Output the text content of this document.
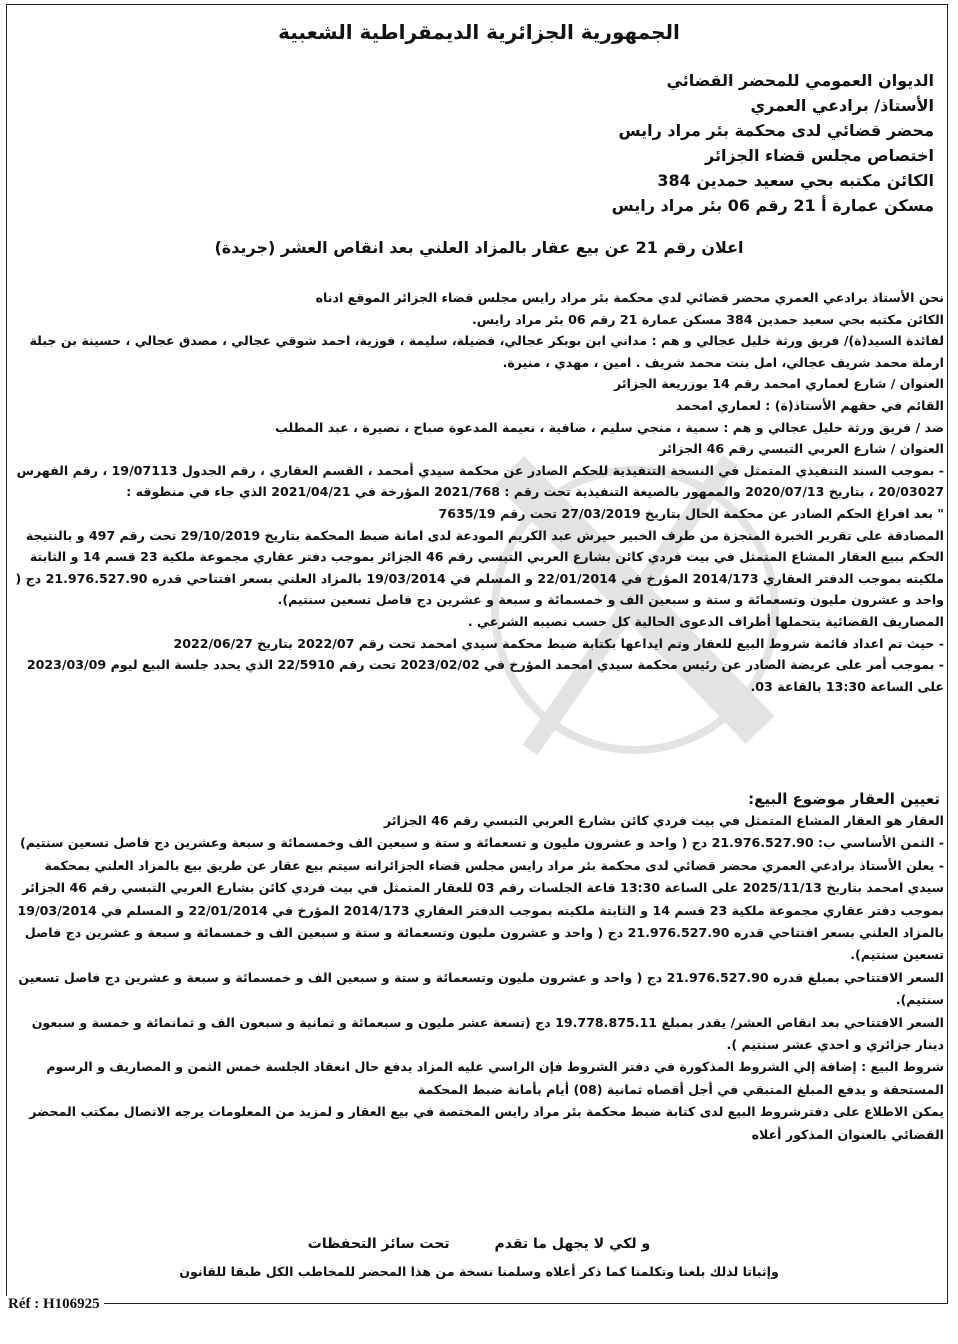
الجمهورية الجزائرية الديمقراطية الشعبية
الديوان العمومي للمحضر القضائي
الأستاذ/ برادعي العمري
محضر قضائي لدى محكمة بئر مراد رايس
اختصاص مجلس قضاء الجزائر
الكائن مكتبه بحي سعيد حمدين 384
مسكن عمارة أ 21 رقم 06 بئر مراد رايس
اعلان رقم 21 عن بيع عقار بالمزاد العلني بعد انقاص العشر (جريدة)

نحن الأستاذ برادعي العمري محضر قضائي لدي محكمة بئر مراد رايس مجلس قضاء الجزائر الموقع ادناه

الكائن مكتبه بحي سعيد حمدين 384 مسكن عمارة 21 رقم 06 بئر مراد رايس.

لفائدة السيد(ة)/ فريق ورثة خليل عجالي و هم : مداني ابن بوبكر عجالي، فضيلة، سليمة ، فوزية، احمد شوقي عجالي ، مصدق عجالي ، حسينة بن جبلة ارملة محمد شريف عجالي، امل بنت محمد شريف . امين ، مهدي ، منيرة.

العنوان / شارع لعماري امحمد رقم 14 بوزريعة الجزائر

القائم في حقهم الأستاذ(ة) : لعماري امحمد

ضد / فريق ورثة خليل عجالي و هم : سمية ، منجي سليم ، صافية ، نعيمة المدعوة صباح ، نصيرة ، عبد المطلب

العنوان / شارع العربي التبسي رقم 46 الجزائر

- بموجب السند التنفيذي المتمثل في النسخة التنفيذية للحكم الصادر عن محكمة سيدي أمحمد ، القسم العقاري ، رقم الجدول 19/07113 ، رقم الفهرس 20/03027 ، بتاريخ 2020/07/13 والممهور بالصيغة التنفيذية تحت رقم : 2021/768 المؤرخة في 2021/04/21 الذي جاء في منطوقه :

" بعد افراغ الحكم الصادر عن محكمة الحال بتاريخ 27/03/2019 تحت رقم 7635/19

المصادقة على تقرير الخبرة المنجزة من طرف الخبير حيرش عبد الكريم المودعة لدى امانة ضبط المحكمة بتاريخ 29/10/2019 تحت رقم 497 و بالنتيجة الحكم ببيع العقار المشاع المتمثل في بيت فردي كائن بشارع العربي التبسي رقم 46 الجزائر بموجب دفتر عقاري مجموعة ملكية 23 قسم 14 و الثابتة ملكيته بموجب الدفتر العقاري 2014/173 المؤرخ في 22/01/2014 و المسلم في 19/03/2014 بالمزاد العلني بسعر افتتاحي قدره 21.976.527.90 دج ( واحد و عشرون مليون وتسعمائة و ستة و سبعين الف و خمسمائة و سبعة و عشرين دج فاصل تسعين سنتيم).

المصاريف القضائية يتحملها أطراف الدعوى الحالية كل حسب نصيبه الشرعي .

- حيث تم اعداد قائمة شروط البيع للعقار وتم ايداعها بكتابة ضبط محكمة سيدي امحمد تحت رقم 2022/07 بتاريخ 2022/06/27

- بموجب أمر على عريضة الصادر عن رئيس محكمة سيدي امحمد المؤرخ في 2023/02/02 تحت رقم 22/5910 الذي يحدد جلسة البيع ليوم 2023/03/09 على الساعة 13:30 بالقاعة 03.

تعيين العقار موضوع البيع:

العقار هو العقار المشاع المتمثل في بيت فردي كائن بشارع العربي التبسي رقم 46 الجزائر

- الثمن الأساسي ب: 21.976.527.90 دج ( واحد و عشرون مليون و تسعمائة و ستة و سبعين الف وخمسمائة و سبعة وعشرين دج فاصل تسعين سنتيم)

- يعلن الأستاذ برادعي العمري محضر قضائي لدى محكمة بئر مراد رايس مجلس قضاء الجزائرانه سيتم بيع عقار عن طريق بيع بالمزاد العلني بمحكمة سيدي امحمد بتاريخ 2025/11/13 على الساعة 13:30 قاعة الجلسات رقم 03 للعقار المتمثل في بيت فردي كائن بشارع العربي التبسي رقم 46 الجزائر بموجب دفتر عقاري مجموعة ملكية 23 قسم 14 و الثابتة ملكيته بموجب الدفتر العقاري 2014/173 المؤرخ في 22/01/2014 و المسلم في 19/03/2014 بالمزاد العلني بسعر افتتاحي قدره 21.976.527.90 دج ( واحد و عشرون مليون وتسعمائة و ستة و سبعين الف و خمسمائة و سبعة و عشرين دج فاصل تسعين سنتيم).

السعر الافتتاحي بمبلغ قدره 21.976.527.90 دج ( واحد و عشرون مليون وتسعمائة و ستة و سبعين الف و خمسمائة و سبعة و عشرين دج فاصل تسعين سنتيم).

السعر الافتتاحي بعد انقاص العشر/ يقدر بمبلغ 19.778.875.11 دج (تسعة عشر مليون و سبعمائة و ثمانية و سبعون الف و ثمانمائة و خمسة و سبعون دينار جزائري و احدي عشر سنتيم ).

شروط البيع : إضافة إلي الشروط المذكورة في دفتر الشروط فإن الراسي عليه المزاد يدفع حال انعقاد الجلسة خمس الثمن و المصاريف و الرسوم المستحقة و يدفع المبلغ المتبقي في أجل أقصاه ثمانية (08) أيام بأمانة ضبط المحكمة

يمكن الاطلاع على دفترشروط البيع لدى كتابة ضبط محكمة بئر مراد رايس المختصة في بيع العقار و لمزيد من المعلومات يرجه الاتصال بمكتب المحضر القضائي بالعنوان المذكور أعلاه

و لكي لا يجهل ما تقدم تحت سائر التحفظات
وإثباتا لذلك بلغنا وتكلمنا كما ذكر أعلاه وسلمنا نسخة من هذا المحضر للمخاطب الكل طبقا للقانون
Réf : H106925
